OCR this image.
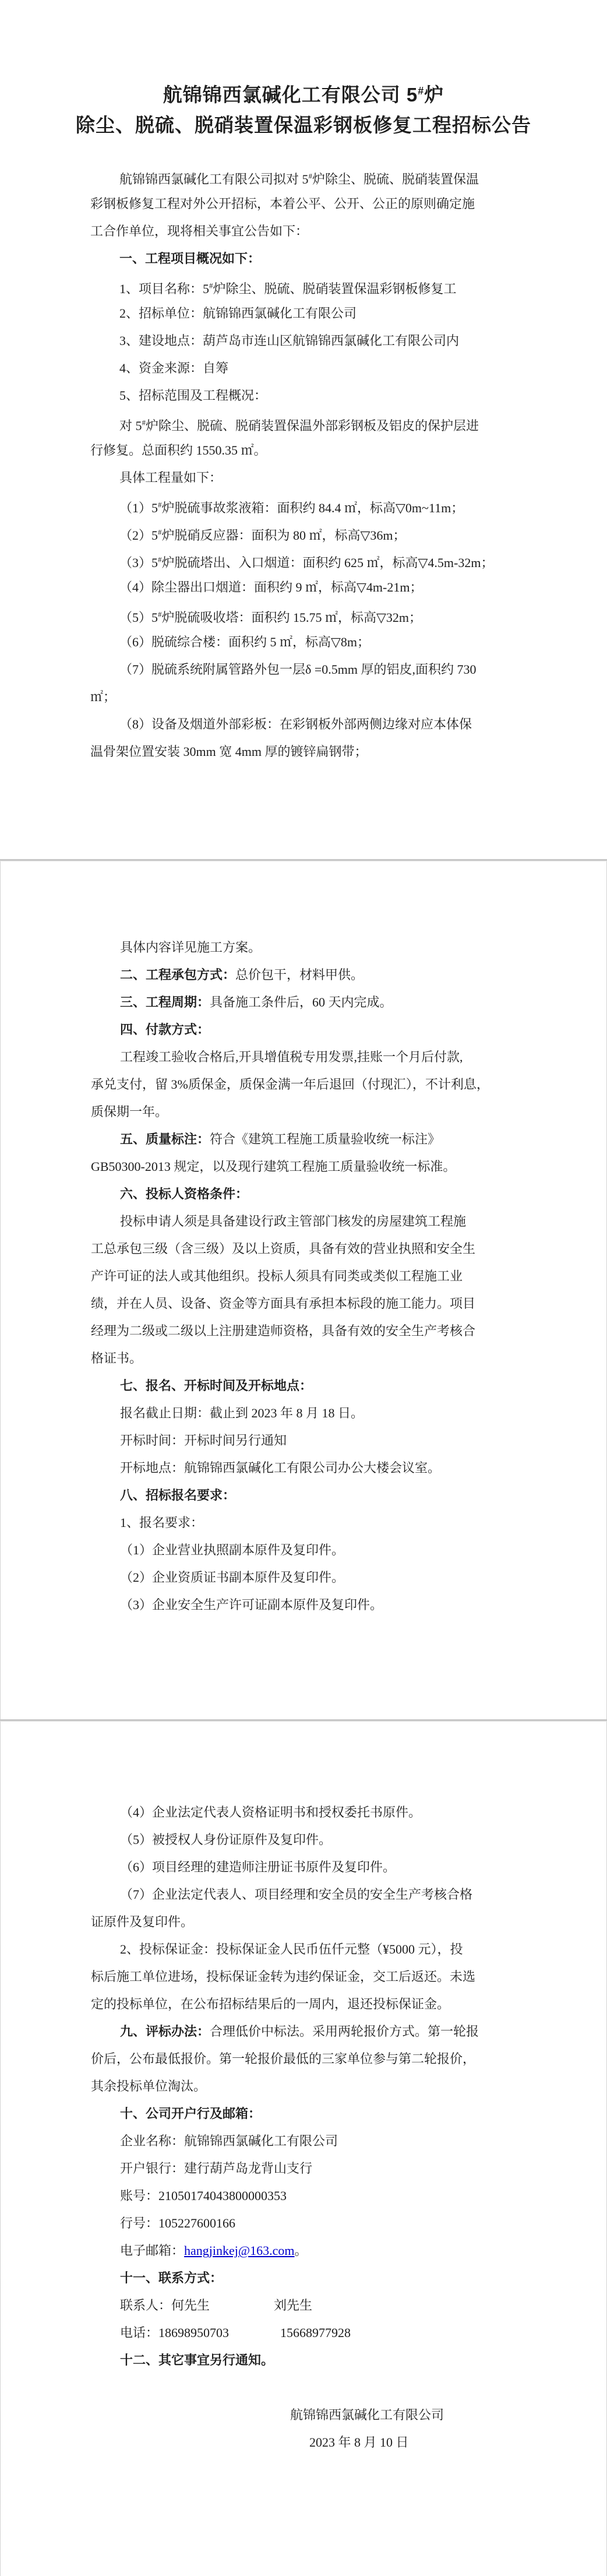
航锦锦西氯碱化工有限公司 5#炉
除尘、脱硫、脱硝装置保温彩钢板修复工程招标公告
航锦锦西氯碱化工有限公司拟对 5#炉除尘、脱硫、脱硝装置保温
彩钢板修复工程对外公开招标，本着公平、公开、公正的原则确定施
工合作单位，现将相关事宜公告如下：
一、工程项目概况如下：
1、项目名称：5#炉除尘、脱硫、脱硝装置保温彩钢板修复工
2、招标单位：航锦锦西氯碱化工有限公司
3、建设地点：葫芦岛市连山区航锦锦西氯碱化工有限公司内
4、资金来源：自筹
5、招标范围及工程概况：
对 5#炉除尘、脱硫、脱硝装置保温外部彩钢板及铝皮的保护层进
行修复。总面积约 1550.35 ㎡。
具体工程量如下：
（1）5#炉脱硫事故浆液箱：面积约 84.4 ㎡，标高▽0m~11m；
（2）5#炉脱硝反应器：面积为 80 ㎡，标高▽36m；
（3）5#炉脱硫塔出、入口烟道：面积约 625 ㎡，标高▽4.5m-32m；
（4）除尘器出口烟道：面积约 9 ㎡，标高▽4m-21m；
（5）5#炉脱硫吸收塔：面积约 15.75 ㎡，标高▽32m；
（6）脱硫综合楼：面积约 5 ㎡，标高▽8m；
（7）脱硫系统附属管路外包一层δ =0.5mm 厚的铝皮,面积约 730
㎡；
（8）设备及烟道外部彩板：在彩钢板外部两侧边缘对应本体保
温骨架位置安装 30mm 宽 4mm 厚的镀锌扁钢带；
具体内容详见施工方案。
二、工程承包方式：总价包干，材料甲供。
三、工程周期：具备施工条件后，60 天内完成。
四、付款方式：
工程竣工验收合格后,开具增值税专用发票,挂账一个月后付款,
承兑支付，留 3%质保金，质保金满一年后退回（付现汇），不计利息，
质保期一年。
五、质量标注：符合《建筑工程施工质量验收统一标注》
GB50300-2013 规定，以及现行建筑工程施工质量验收统一标准。
六、投标人资格条件：
投标申请人须是具备建设行政主管部门核发的房屋建筑工程施
工总承包三级（含三级）及以上资质，具备有效的营业执照和安全生
产许可证的法人或其他组织。投标人须具有同类或类似工程施工业
绩，并在人员、设备、资金等方面具有承担本标段的施工能力。项目
经理为二级或二级以上注册建造师资格，具备有效的安全生产考核合
格证书。
七、报名、开标时间及开标地点：
报名截止日期：截止到 2023 年 8 月 18 日。
开标时间：开标时间另行通知
开标地点：航锦锦西氯碱化工有限公司办公大楼会议室。
八、招标报名要求：
1、报名要求：
（1）企业营业执照副本原件及复印件。
（2）企业资质证书副本原件及复印件。
（3）企业安全生产许可证副本原件及复印件。
（4）企业法定代表人资格证明书和授权委托书原件。
（5）被授权人身份证原件及复印件。
（6）项目经理的建造师注册证书原件及复印件。
（7）企业法定代表人、项目经理和安全员的安全生产考核合格
证原件及复印件。
2、投标保证金：投标保证金人民币伍仟元整（¥5000 元），投
标后施工单位进场，投标保证金转为违约保证金，交工后返还。未选
定的投标单位，在公布招标结果后的一周内，退还投标保证金。
九、评标办法：合理低价中标法。采用两轮报价方式。第一轮报
价后，公布最低报价。第一轮报价最低的三家单位参与第二轮报价，
其余投标单位淘汰。
十、公司开户行及邮箱：
企业名称：航锦锦西氯碱化工有限公司
开户银行：建行葫芦岛龙背山支行
账号：21050174043800000353
行号：105227600166
电子邮箱：hangjinkej@163.com。
十一、联系方式：
联系人：何先生　　　　　刘先生
电话：18698950703　　　　15668977928
十二、其它事宜另行通知。
航锦锦西氯碱化工有限公司
2023 年 8 月 10 日
